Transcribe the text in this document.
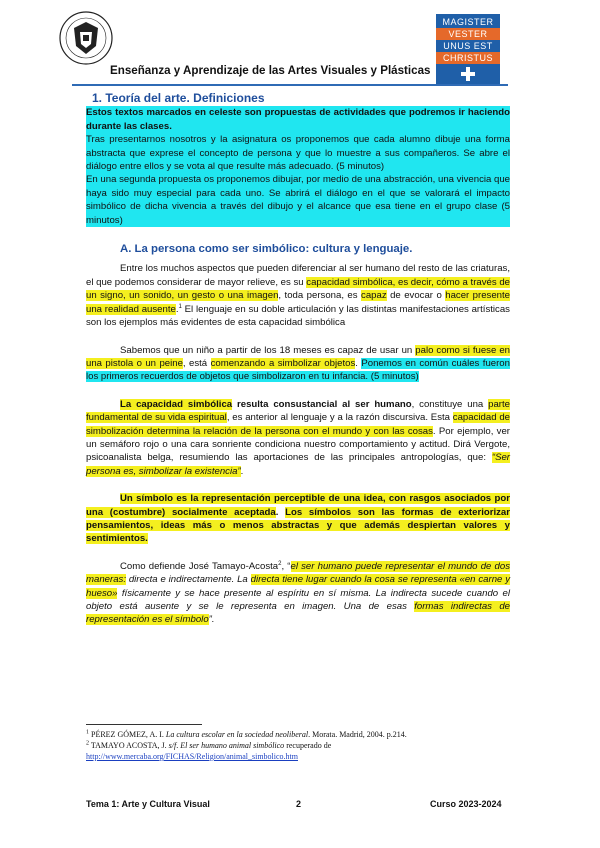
Enseñanza y Aprendizaje de las Artes Visuales y Plásticas
MAGISTER
VESTER
UNUS EST
CHRISTUS
1. Teoría del arte. Definiciones

Estos textos marcados en celeste son propuestas de actividades que podremos ir haciendo durante las clases.

Tras presentarnos nosotros y la asignatura os proponemos que cada alumno dibuje una forma abstracta que exprese el concepto de persona y que lo muestre a sus compañeros. Se abre el diálogo entre ellos y se vota al que resulte más adecuado. (5 minutos)

En una segunda propuesta os proponemos dibujar, por medio de una abstracción, una vivencia que haya sido muy especial para cada uno. Se abrirá el diálogo en el que se valorará el impacto simbólico de dicha vivencia a través del dibujo y el alcance que esa tiene en el grupo clase (5 minutos)

A. La persona como ser simbólico: cultura y lenguaje.

Entre los muchos aspectos que pueden diferenciar al ser humano del resto de las criaturas, el que podemos considerar de mayor relieve, es su capacidad simbólica, es decir, cómo a través de un signo, un sonido, un gesto o una imagen, toda persona, es capaz de evocar o hacer presente una realidad ausente.$^1$ El lenguaje en su doble articulación y las distintas manifestaciones artísticas son los ejemplos más evidentes de esta capacidad simbólica

Sabemos que un niño a partir de los 18 meses es capaz de usar un palo como si fuese en una pistola o un peine, está comenzando a simbolizar objetos. Ponemos en común cuáles fueron los primeros recuerdos de objetos que simbolizaron en tu infancia. (5 minutos)

La capacidad simbólica resulta consustancial al ser humano, constituye una parte fundamental de su vida espiritual, es anterior al lenguaje y a la razón discursiva. Esta capacidad de simbolización determina la relación de la persona con el mundo y con las cosas. Por ejemplo, ver un semáforo rojo o una cara sonriente condiciona nuestro comportamiento y actitud. Dirá Vergote, psicoanalista belga, resumiendo las aportaciones de las principales antropologías, que: “Ser persona es, simbolizar la existencia”.

Un símbolo es la representación perceptible de una idea, con rasgos asociados por una (costumbre) socialmente aceptada. Los símbolos son las formas de exteriorizar pensamientos, ideas más o menos abstractas y que además despiertan valores y sentimientos.

Como defiende José Tamayo-Acosta$^2$, “el ser humano puede representar el mundo de dos maneras: directa e indirectamente. La directa tiene lugar cuando la cosa se representa «en carne y hueso» físicamente y se hace presente al espíritu en sí misma. La indirecta sucede cuando el objeto está ausente y se le representa en imagen. Una de esas formas indirectas de representación es el símbolo”.

$^1$ PÉREZ GÓMEZ, A. I. La cultura escolar en la sociedad neoliberal. Morata. Madrid, 2004. p.214.
$^2$ TAMAYO ACOSTA, J. s/f. El ser humano animal simbólico recuperado de
http://www.mercaba.org/FICHAS/Religion/animal_simbolico.htm
Tema 1: Arte y Cultura Visual	2	Curso 2023-2024
